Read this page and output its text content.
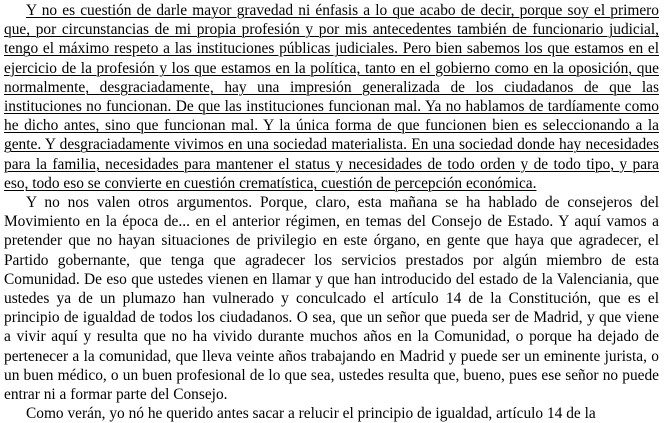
Y no es cuestión de darle mayor gravedad ni énfasis a lo que acabo de decir, porque soy el primero que, por circunstancias de mi propia profesión y por mis antecedentes también de funcionario judicial, tengo el máximo respeto a las instituciones públicas judiciales. Pero bien sabemos los que estamos en el ejercicio de la profesión y los que estamos en la política, tanto en el gobierno como en la oposición, que normalmente, desgraciadamente, hay una impresión generalizada de los ciudadanos de que las instituciones no funcionan. De que las instituciones funcionan mal. Ya no hablamos de tardíamente como he dicho antes, sino que funcionan mal. Y la única forma de que funcionen bien es seleccionando a la gente. Y desgraciadamente vivimos en una sociedad materialista. En una sociedad donde hay necesidades para la familia, necesidades para mantener el status y necesidades de todo orden y de todo tipo, y para eso, todo eso se convierte en cuestión crematística, cuestión de percepción económica.

Y no nos valen otros argumentos. Porque, claro, esta mañana se ha hablado de consejeros del Movimiento en la época de... en el anterior régimen, en temas del Consejo de Estado. Y aquí vamos a pretender que no hayan situaciones de privilegio en este órgano, en gente que haya que agradecer, el Partido gobernante, que tenga que agradecer los servicios prestados por algún miembro de esta Comunidad. De eso que ustedes vienen en llamar y que han introducido del estado de la Valenciania, que ustedes ya de un plumazo han vulnerado y conculcado el artículo 14 de la Constitución, que es el principio de igualdad de todos los ciudadanos. O sea, que un señor que pueda ser de Madrid, y que viene a vivir aquí y resulta que no ha vivido durante muchos años en la Comunidad, o porque ha dejado de pertenecer a la comunidad, que lleva veinte años trabajando en Madrid y puede ser un eminente jurista, o un buen médico, o un buen profesional de lo que sea, ustedes resulta que, bueno, pues ese señor no puede entrar ni a formar parte del Consejo.

Como verán, yo nó he querido antes sacar a relucir el principio de igualdad, artículo 14 de la
